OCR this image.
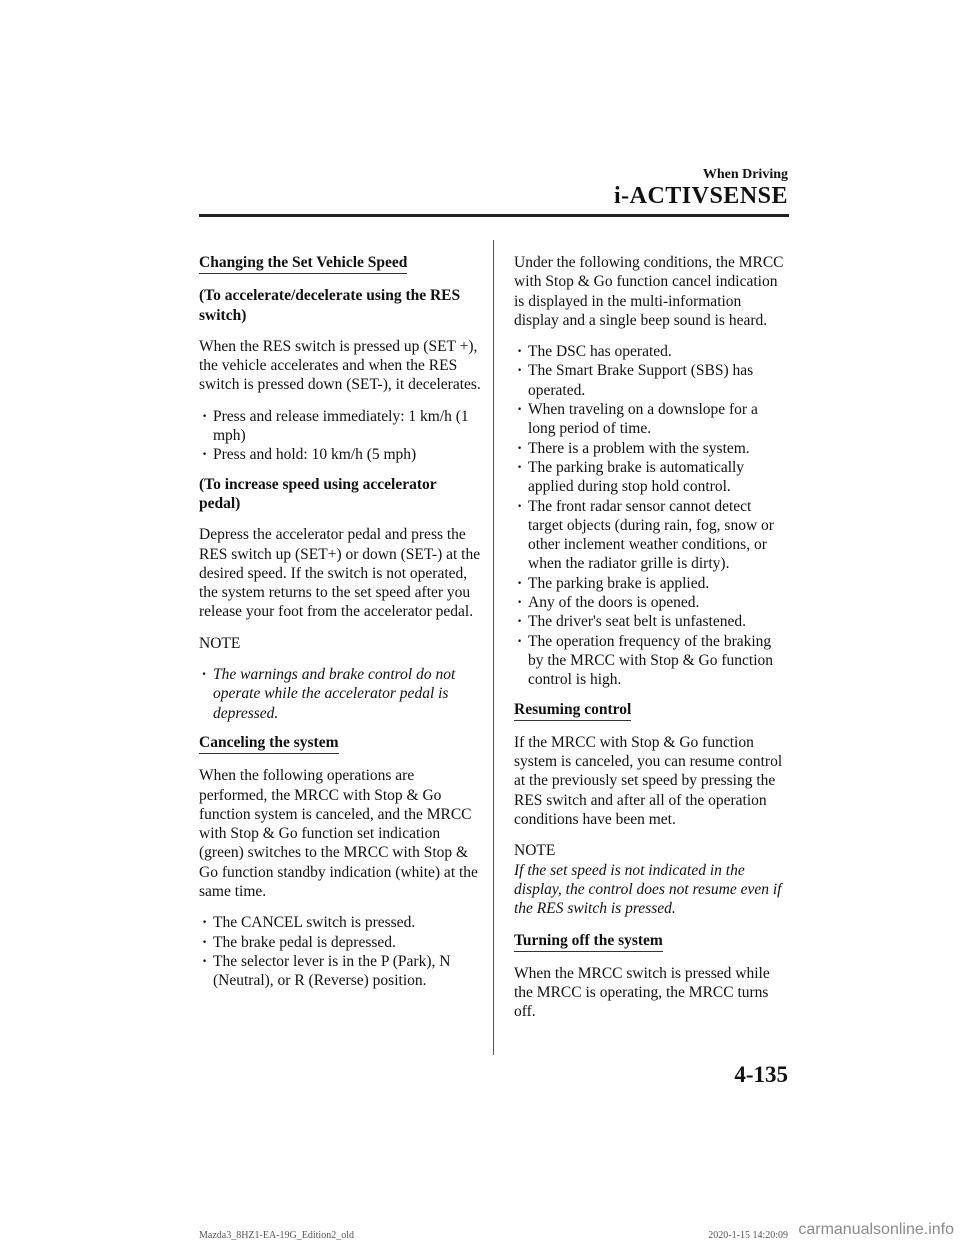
When Driving
i-ACTIVSENSE
Changing the Set Vehicle Speed
(To accelerate/decelerate using the RES switch)

When the RES switch is pressed up (SET +), the vehicle accelerates and when the RES switch is pressed down (SET-), it decelerates.

· Press and release immediately: 1 km/h (1 mph)
· Press and hold: 10 km/h (5 mph)
(To increase speed using accelerator pedal)

Depress the accelerator pedal and press the RES switch up (SET+) or down (SET-) at the desired speed. If the switch is not operated, the system returns to the set speed after you release your foot from the accelerator pedal.

NOTE

· The warnings and brake control do not operate while the accelerator pedal is depressed.
Canceling the system

When the following operations are performed, the MRCC with Stop & Go function system is canceled, and the MRCC with Stop & Go function set indication (green) switches to the MRCC with Stop & Go function standby indication (white) at the same time.

· The CANCEL switch is pressed.
· The brake pedal is depressed.
· The selector lever is in the P (Park), N (Neutral), or R (Reverse) position.

Under the following conditions, the MRCC with Stop & Go function cancel indication is displayed in the multi-information display and a single beep sound is heard.

· The DSC has operated.
· The Smart Brake Support (SBS) has operated.
· When traveling on a downslope for a long period of time.
· There is a problem with the system.
· The parking brake is automatically applied during stop hold control.
· The front radar sensor cannot detect target objects (during rain, fog, snow or other inclement weather conditions, or when the radiator grille is dirty).
· The parking brake is applied.
· Any of the doors is opened.
· The driver's seat belt is unfastened.
· The operation frequency of the braking by the MRCC with Stop & Go function control is high.
Resuming control

If the MRCC with Stop & Go function system is canceled, you can resume control at the previously set speed by pressing the RES switch and after all of the operation conditions have been met.

NOTE

If the set speed is not indicated in the display, the control does not resume even if the RES switch is pressed.

Turning off the system

When the MRCC switch is pressed while the MRCC is operating, the MRCC turns off.

4-135
Mazda3_8HZ1-EA-19G_Edition2_old	2020-1-15 14:20:09 carmanualsonline.info
